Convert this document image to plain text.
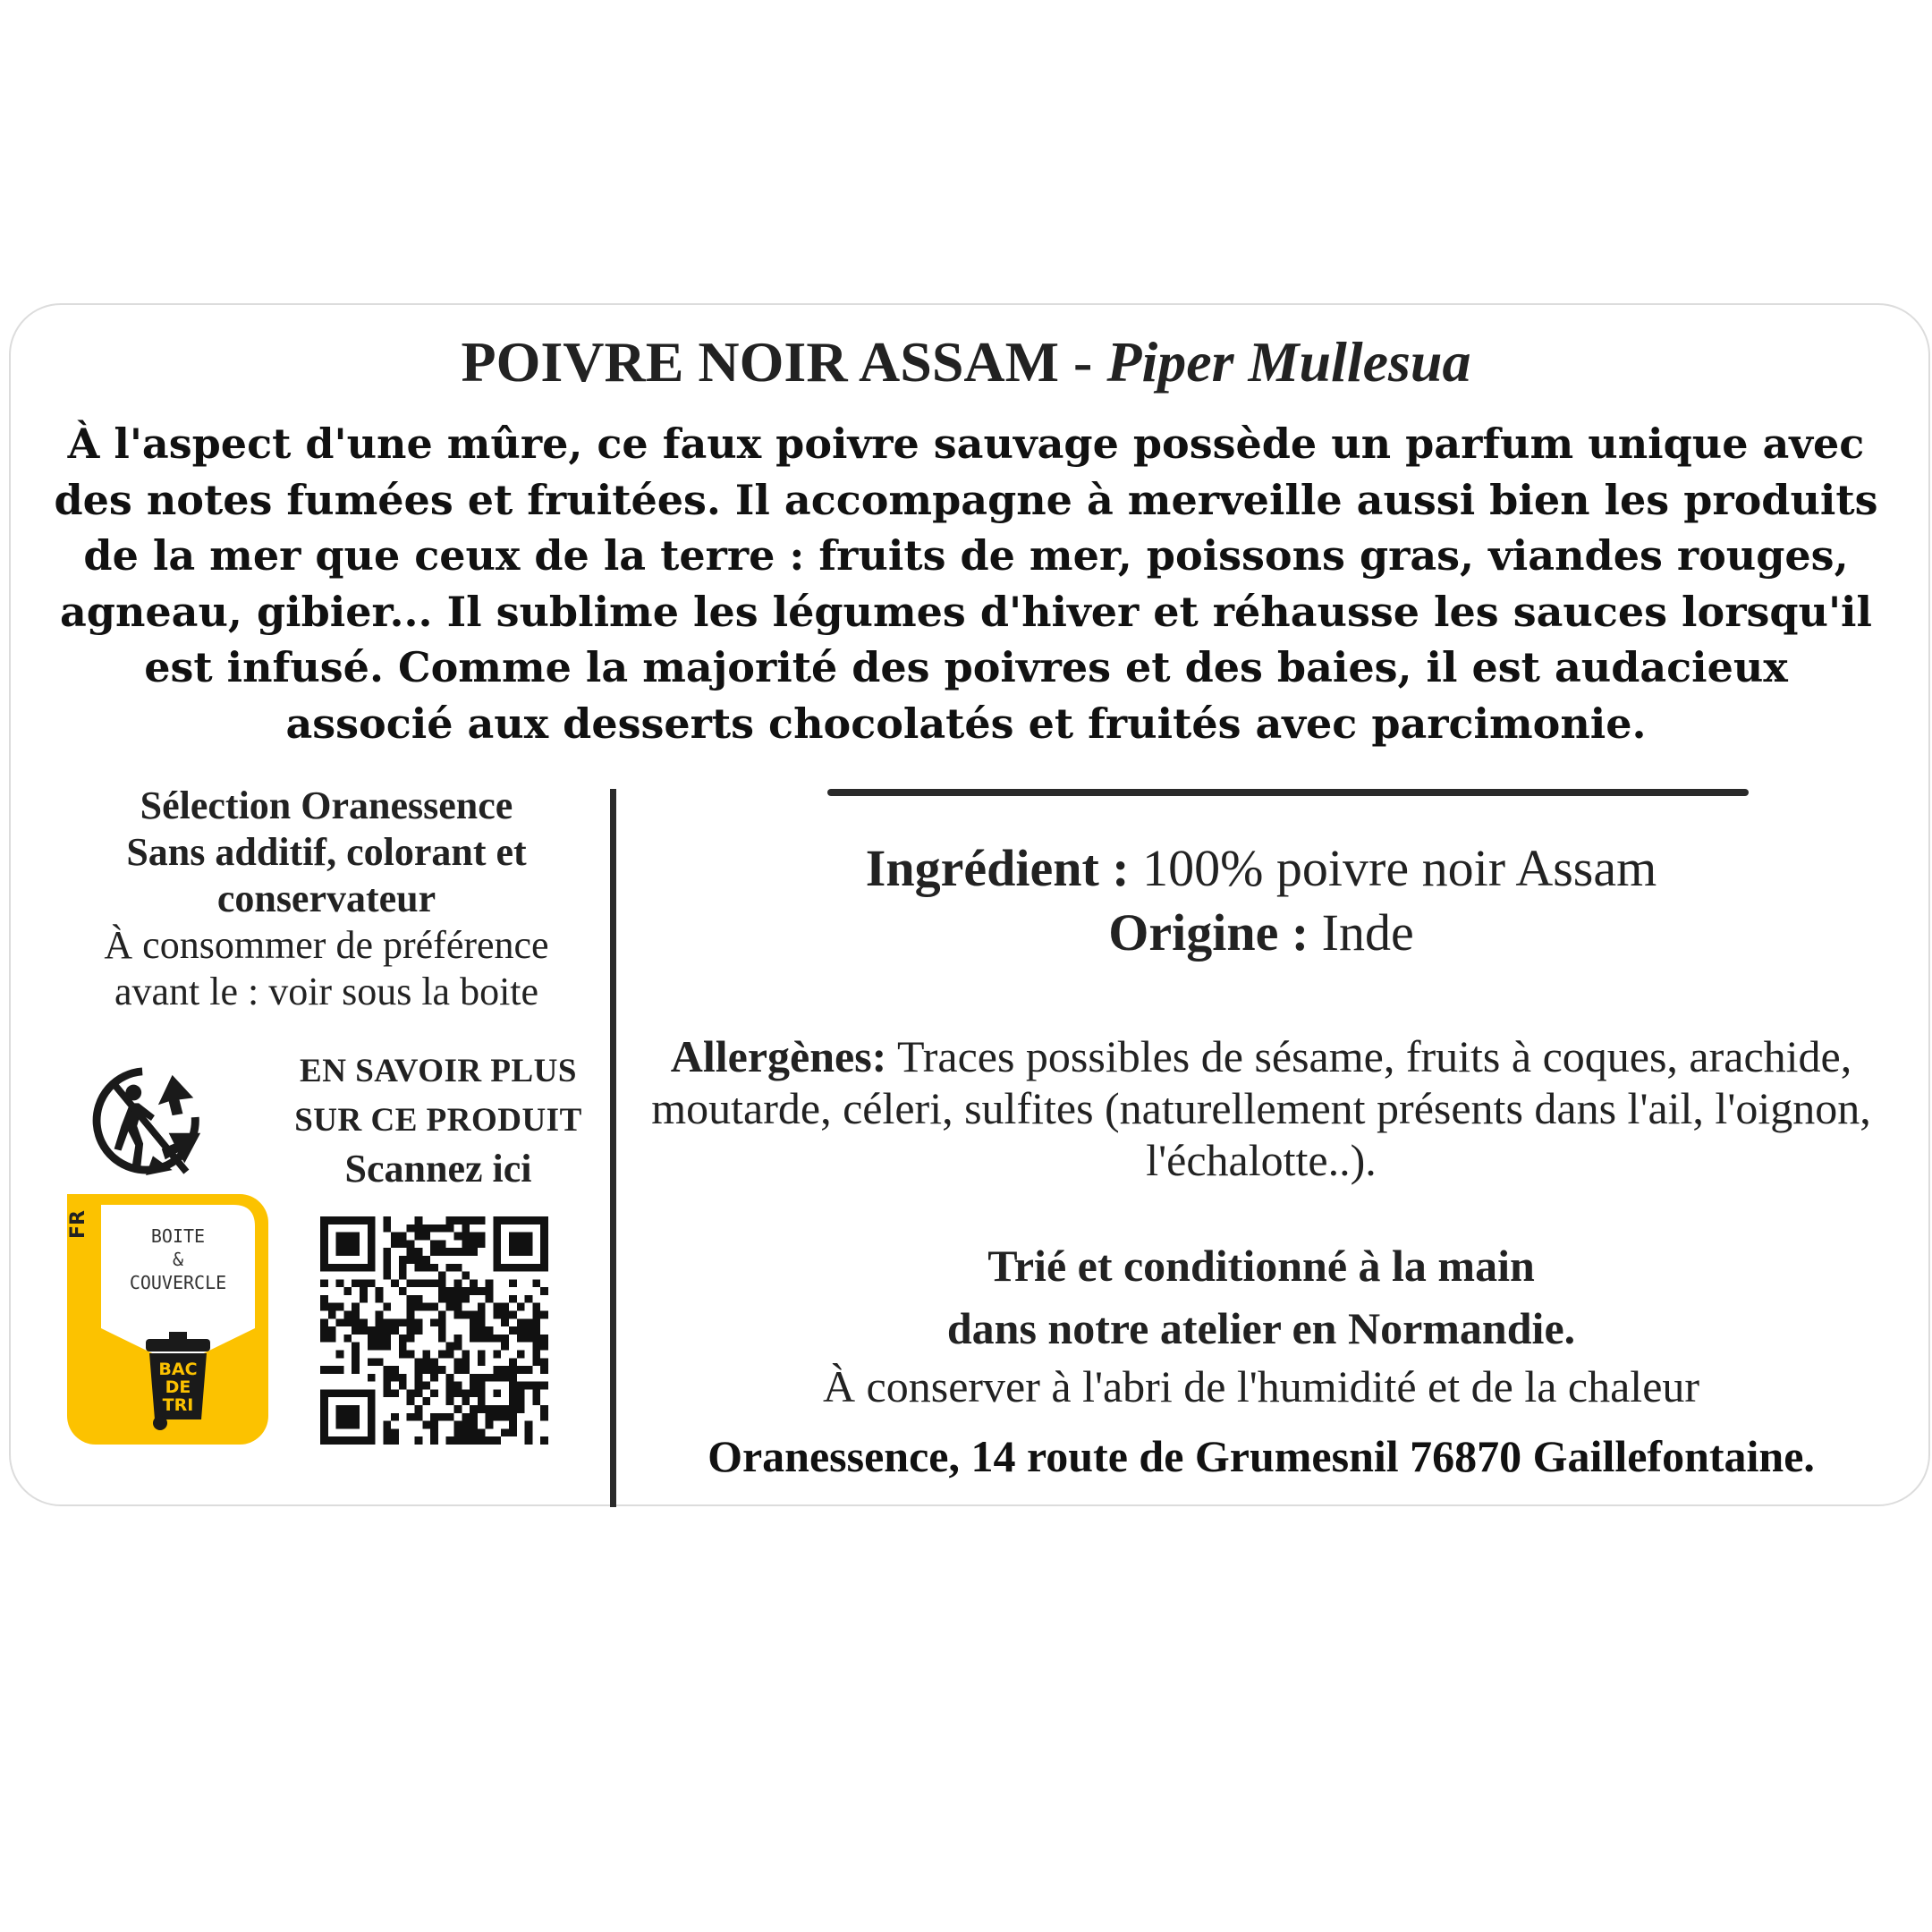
POIVRE NOIR ASSAM - Piper Mullesua
À l'aspect d'une mûre, ce faux poivre sauvage possède un parfum unique avec des notes fumées et fruitées. Il accompagne à merveille aussi bien les produits de la mer que ceux de la terre : fruits de mer, poissons gras, viandes rouges, agneau, gibier... Il sublime les légumes d'hiver et réhausse les sauces lorsqu'il est infusé. Comme la majorité des poivres et des baies, il est audacieux associé aux desserts chocolatés et fruités avec parcimonie.
Sélection Oranessence
Sans additif, colorant et conservateur
À consommer de préférence avant le : voir sous la boite
FR	BOITE
&
COUVERCLE
BAC
DE
TRI
EN SAVOIR PLUS
SUR CE PRODUIT
Scannez ici
Ingrédient : 100% poivre noir Assam
Origine : Inde
Allergènes: Traces possibles de sésame, fruits à coques, arachide, moutarde, céleri, sulfites (naturellement présents dans l'ail, l'oignon, l'échalotte..).
Trié et conditionné à la main
dans notre atelier en Normandie.
À conserver à l'abri de l'humidité et de la chaleur
Oranessence, 14 route de Grumesnil 76870 Gaillefontaine.
